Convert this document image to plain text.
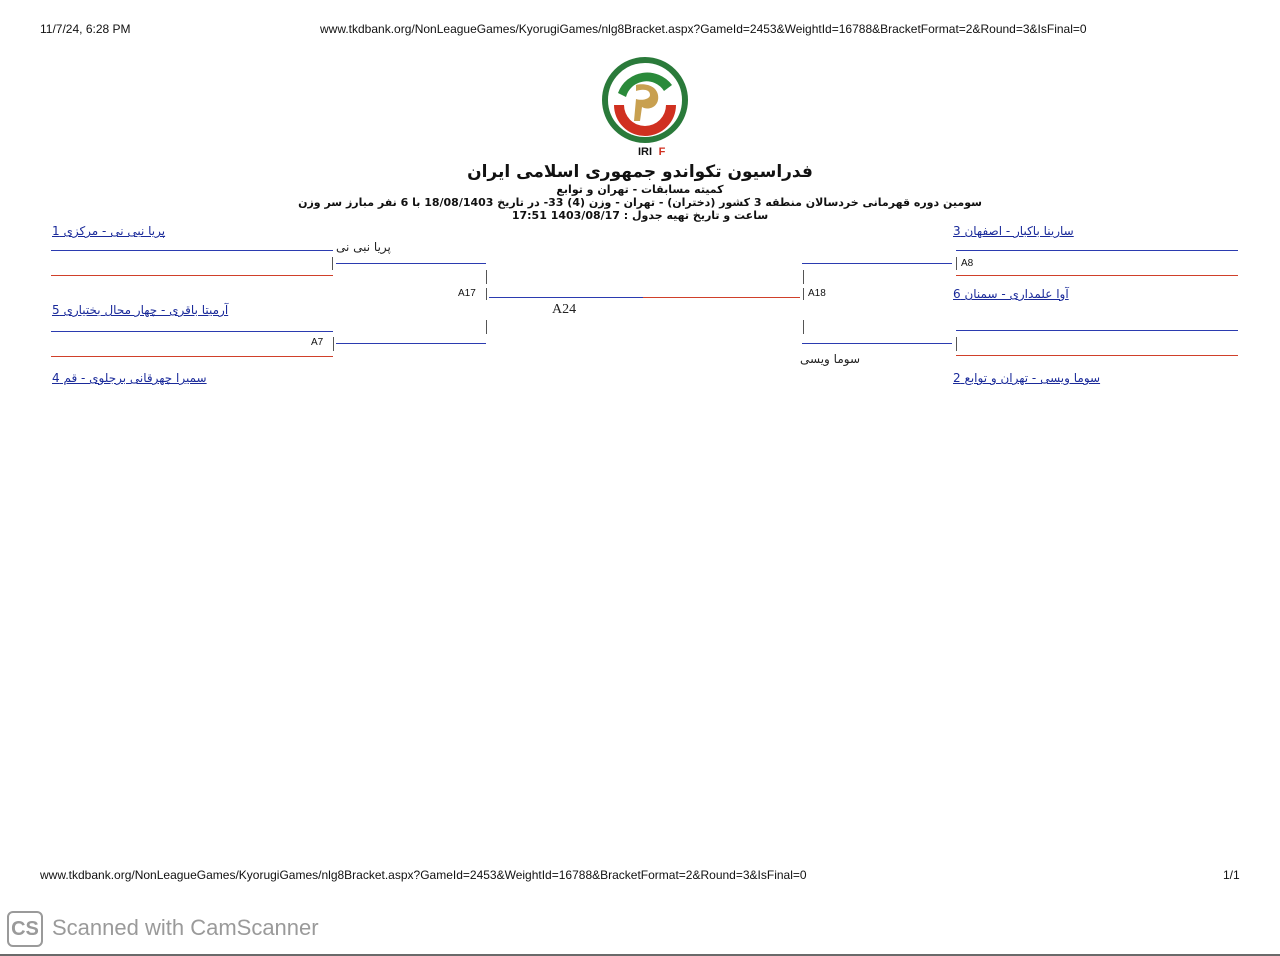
11/7/24, 6:28 PM	www.tkdbank.org/NonLeagueGames/KyorugiGames/nlg8Bracket.aspx?GameId=2453&WeightId=16788&BracketFormat=2&Round=3&IsFinal=0
IRI F
فدراسیون تکواندو جمهوری اسلامی ایران
کمیته مسابقات - تهران و توابع
سومین دوره قهرمانی خردسالان منطقه 3 کشور (دختران) - تهران - وزن (4) 33- در تاریخ 18/08/1403 با 6 نفر مبارز سر وزن
ساعت و تاریخ تهیه جدول : 1403/08/17 17:51
پریا نبی نی - مرکزی 1
آرمیتا باقری - چهار محال بختیاری 5
سمیرا چهرقانی برجلوی - قم 4
سارینا باکبار - اصفهان 3
آوا علمداری - سمنان 6
سوما ویسی - تهران و توابع 2
پریا نبی نی
سوما ویسی
A17
A7
A18
A8
A24
www.tkdbank.org/NonLeagueGames/KyorugiGames/nlg8Bracket.aspx?GameId=2453&WeightId=16788&BracketFormat=2&Round=3&IsFinal=0	1/1
CS Scanned with CamScanner
